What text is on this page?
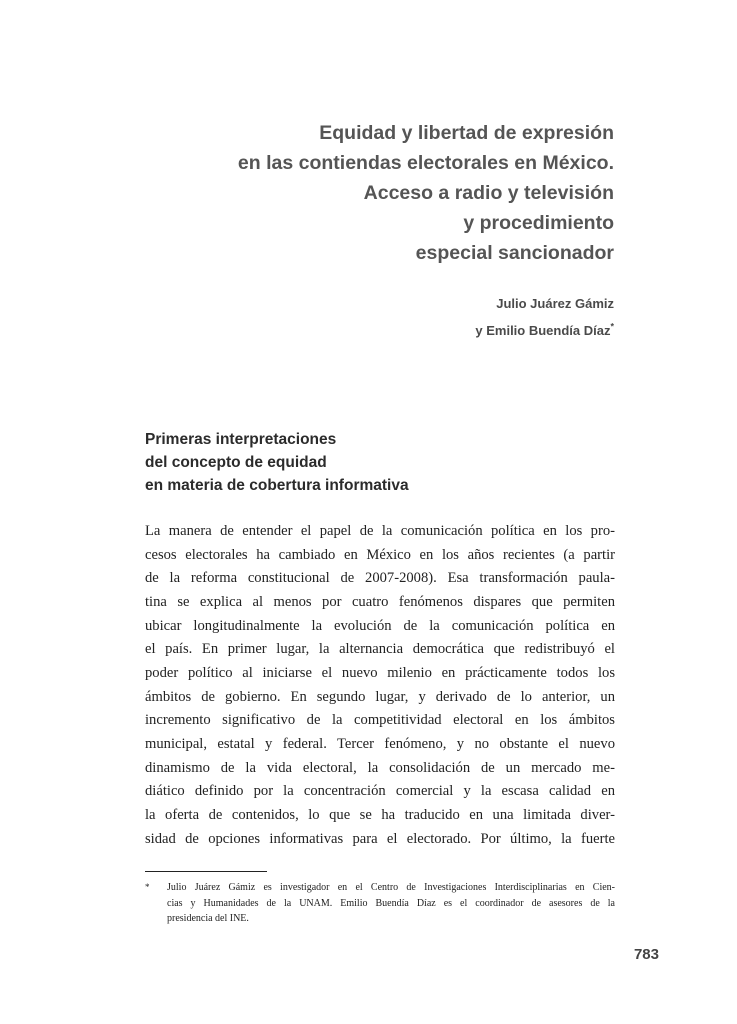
Equidad y libertad de expresión
en las contiendas electorales en México.
Acceso a radio y televisión
y procedimiento
especial sancionador
Julio Juárez Gámiz
y Emilio Buendía Díaz*
Primeras interpretaciones
del concepto de equidad
en materia de cobertura informativa
La manera de entender el papel de la comunicación política en los pro-
cesos electorales ha cambiado en México en los años recientes (a partir
de la reforma constitucional de 2007-2008). Esa transformación paula-
tina se explica al menos por cuatro fenómenos dispares que permiten
ubicar longitudinalmente la evolución de la comunicación política en
el país. En primer lugar, la alternancia democrática que redistribuyó el
poder político al iniciarse el nuevo milenio en prácticamente todos los
ámbitos de gobierno. En segundo lugar, y derivado de lo anterior, un
incremento significativo de la competitividad electoral en los ámbitos
municipal, estatal y federal. Tercer fenómeno, y no obstante el nuevo
dinamismo de la vida electoral, la consolidación de un mercado me-
diático definido por la concentración comercial y la escasa calidad en
la oferta de contenidos, lo que se ha traducido en una limitada diver-
sidad de opciones informativas para el electorado. Por último, la fuerte
* Julio Juárez Gámiz es investigador en el Centro de Investigaciones Interdisciplinarias en Cien-
cias y Humanidades de la UNAM. Emilio Buendía Díaz es el coordinador de asesores de la
presidencia del INE.
783
